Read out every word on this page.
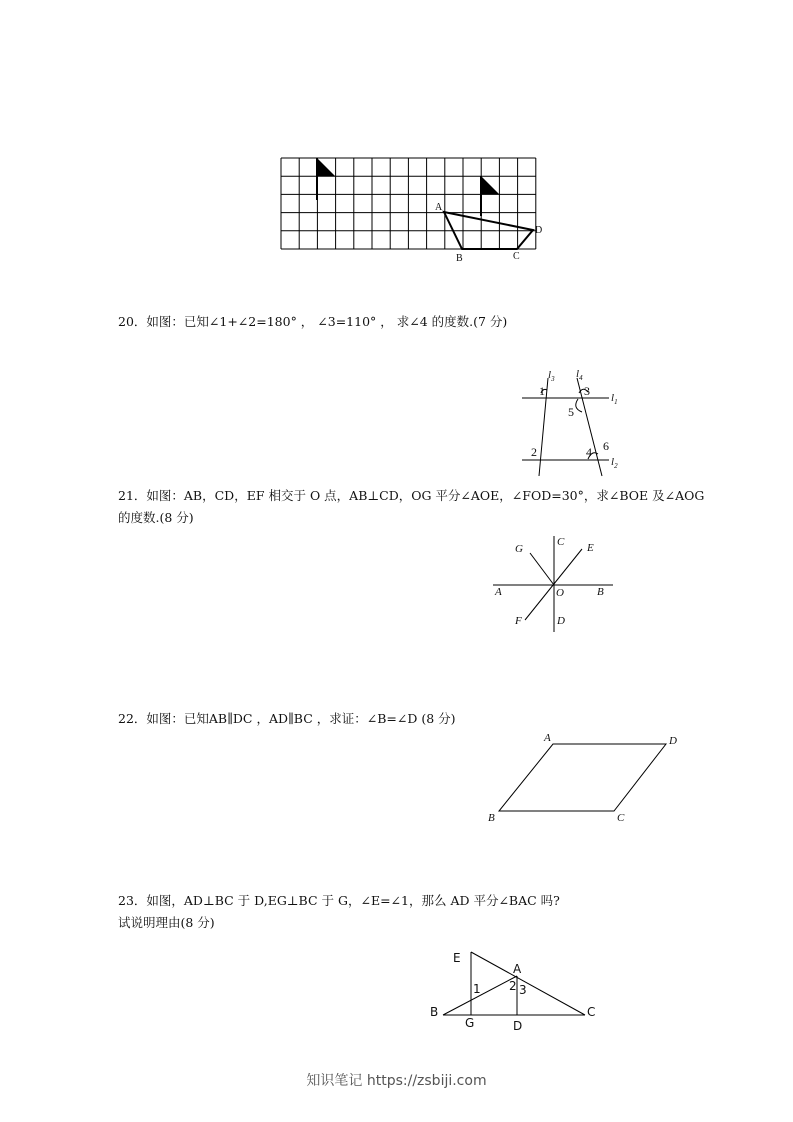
A
B	C
D
20．如图：已知∠1+∠2=180° ， ∠3=110° ， 求∠4 的度数.(7 分)
$l_3$ $l_4$
$l_1$
$l_2$
1	3
5
2	4 6
21．如图：AB，CD，EF 相交于 O 点，AB⊥CD，OG 平分∠AOE，∠FOD=30°，求∠BOE 及∠AOG
的度数.(8 分)
A	B
C
D
E
F
G
O
22．如图：已知AB∥DC ，AD∥BC ，求证：∠B=∠D (8 分)
A	D
B	C
23．如图，AD⊥BC 于 D,EG⊥BC 于 G，∠E=∠1，那么 AD 平分∠BAC 吗?
试说明理由(8 分)
E
A
B	C
G	D
1 2 3
知识笔记 https://zsbiji.com
